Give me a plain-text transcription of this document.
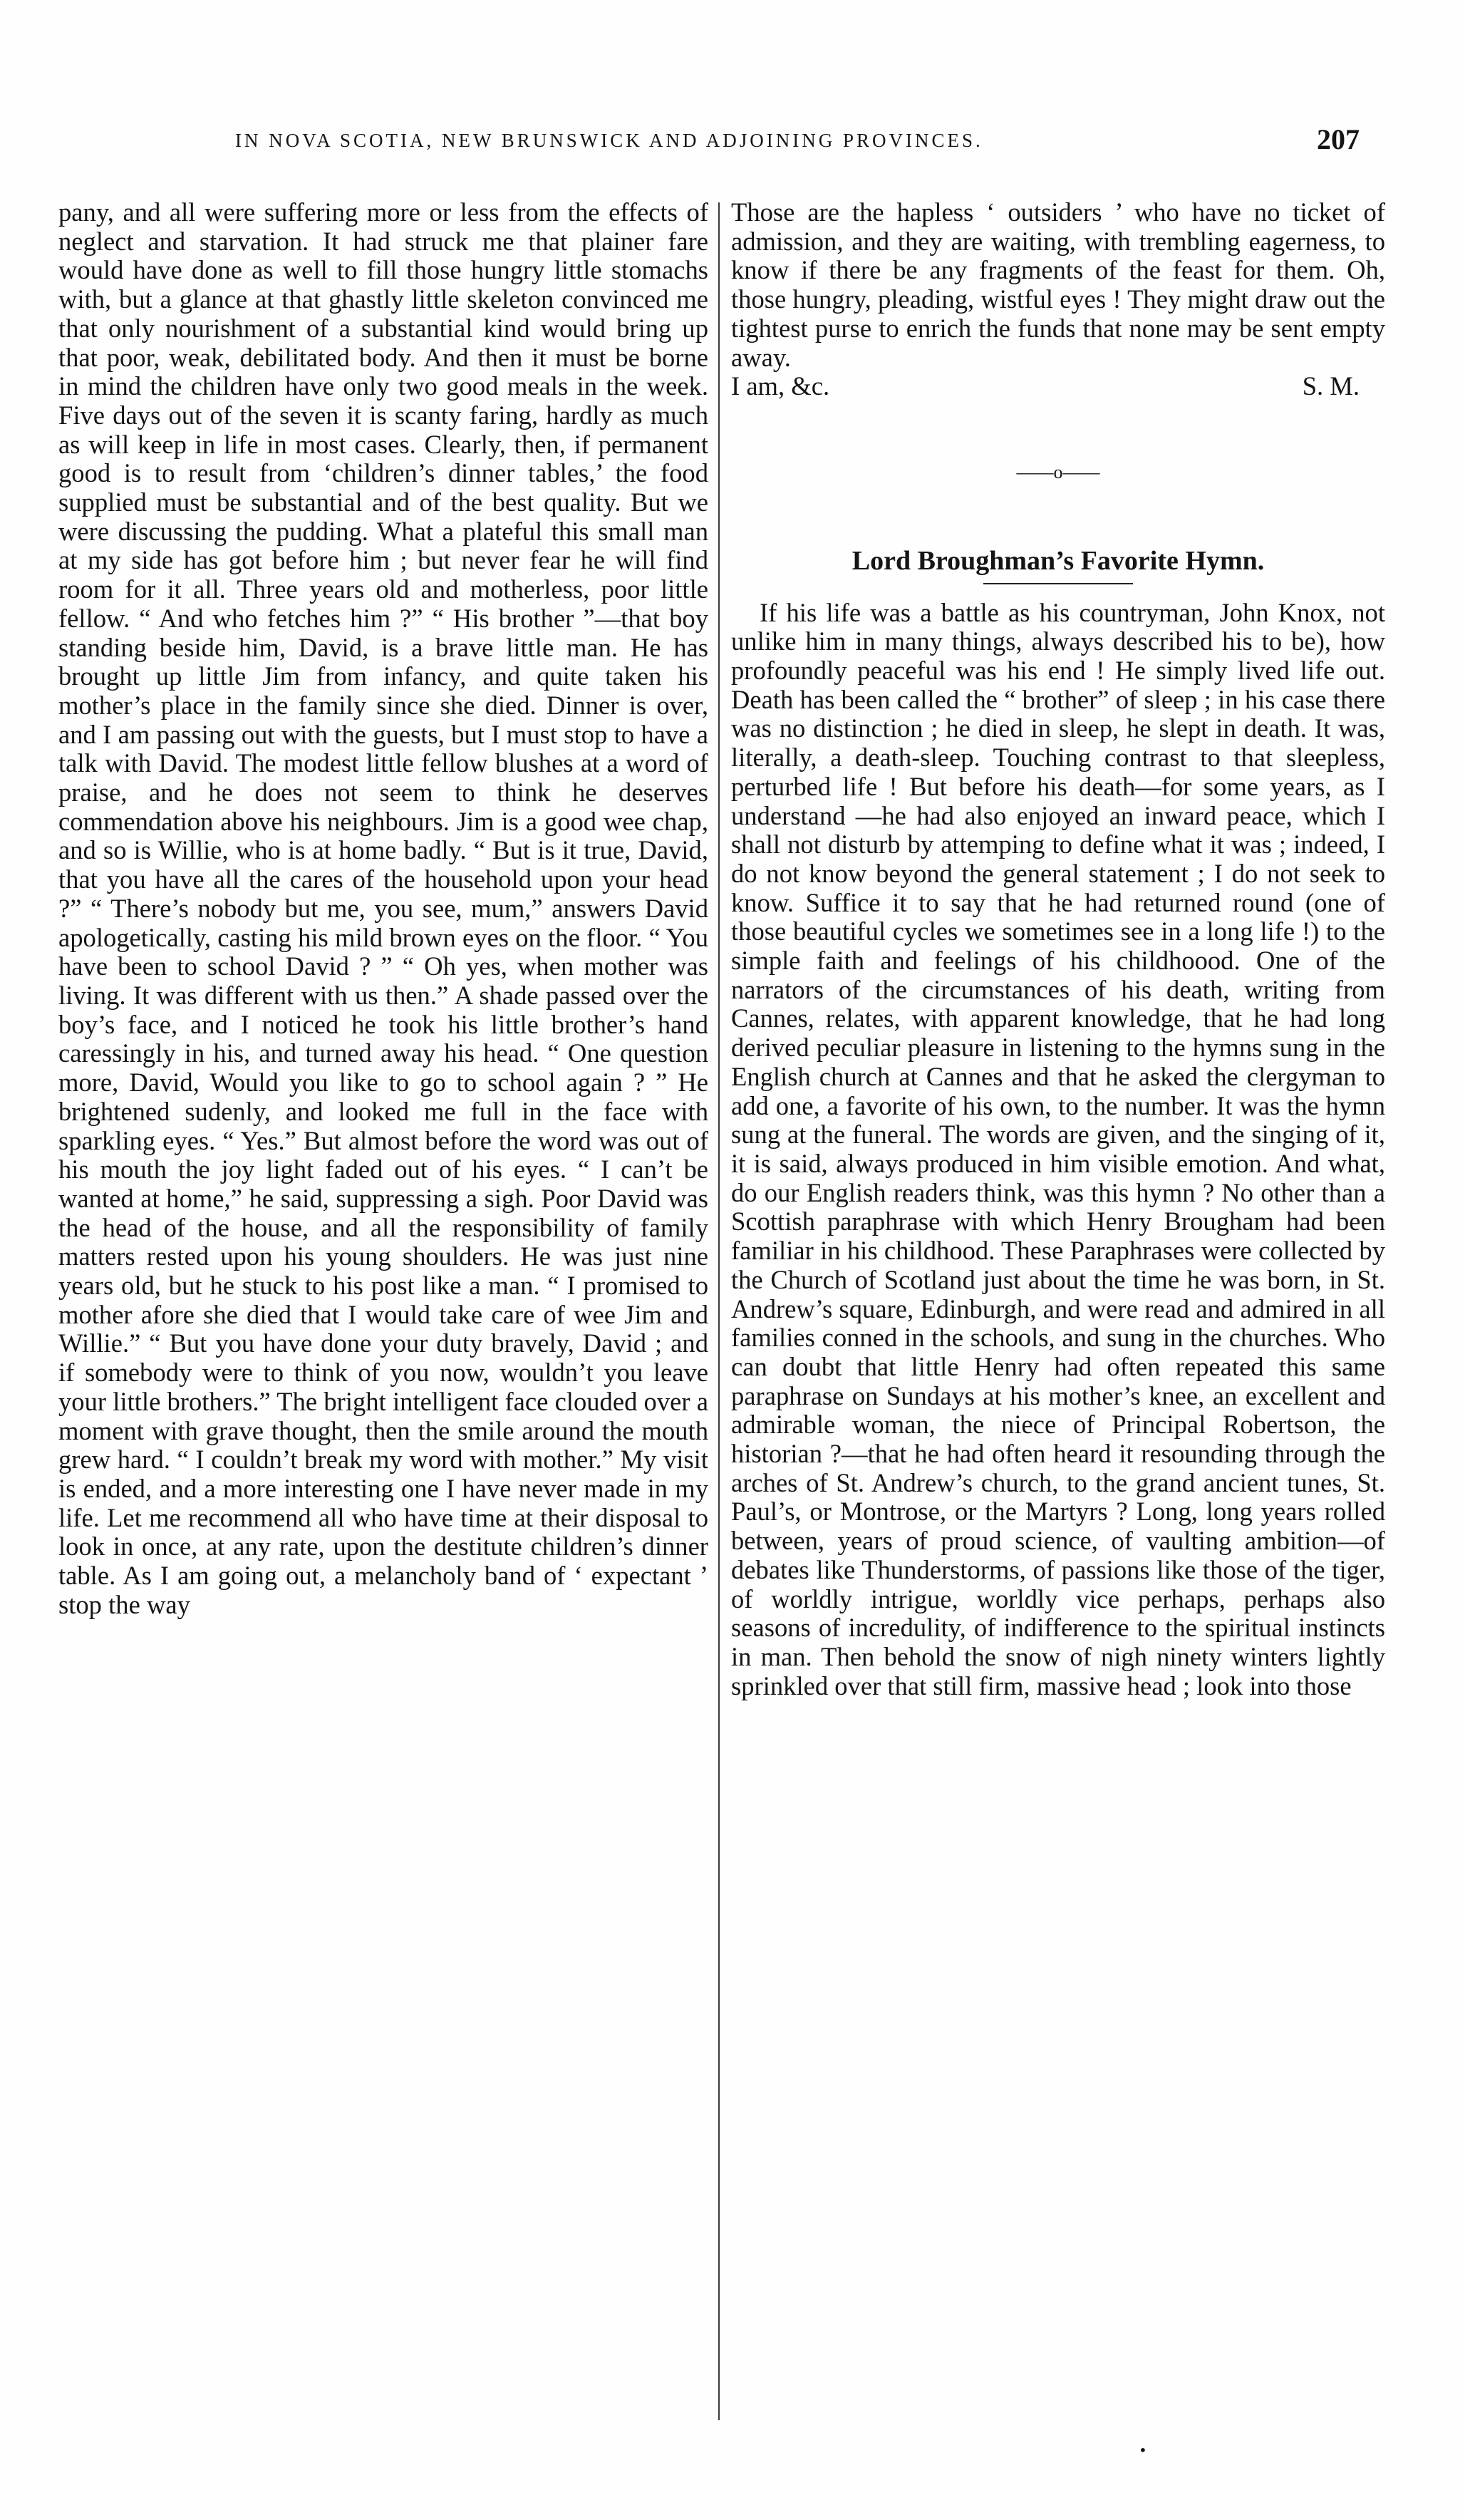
IN NOVA SCOTIA, NEW BRUNSWICK AND ADJOINING PROVINCES.	207

pany, and all were suffering more or less from the effects of neglect and starvation. It had struck me that plainer fare would have done as well to fill those hungry little stomachs with, but a glance at that ghastly little skeleton convinced me that only nourishment of a substantial kind would bring up that poor, weak, debilitated body. And then it must be borne in mind the children have only two good meals in the week. Five days out of the seven it is scanty faring, hardly as much as will keep in life in most cases. Clearly, then, if permanent good is to result from ‘children’s dinner tables,’ the food supplied must be substantial and of the best quality. But we were discussing the pudding. What a plateful this small man at my side has got before him ; but never fear he will find room for it all. Three years old and motherless, poor little fellow. “ And who fetches him ?” “ His brother ”—that boy standing beside him, David, is a brave little man. He has brought up little Jim from infancy, and quite taken his mother’s place in the family since she died. Dinner is over, and I am passing out with the guests, but I must stop to have a talk with David. The modest little fellow blushes at a word of praise, and he does not seem to think he deserves commendation above his neighbours. Jim is a good wee chap, and so is Willie, who is at home badly. “ But is it true, David, that you have all the cares of the household upon your head ?” “ There’s nobody but me, you see, mum,” answers David apologetically, casting his mild brown eyes on the floor. “ You have been to school David ? ” “ Oh yes, when mother was living. It was different with us then.” A shade passed over the boy’s face, and I noticed he took his little brother’s hand caressingly in his, and turned away his head. “ One question more, David, Would you like to go to school again ? ” He brightened sudenly, and looked me full in the face with sparkling eyes. “ Yes.” But almost before the word was out of his mouth the joy light faded out of his eyes. “ I can’t be wanted at home,” he said, suppressing a sigh. Poor David was the head of the house, and all the responsibility of family matters rested upon his young shoulders. He was just nine years old, but he stuck to his post like a man. “ I promised to mother afore she died that I would take care of wee Jim and Willie.” “ But you have done your duty bravely, David ; and if somebody were to think of you now, wouldn’t you leave your little brothers.” The bright intelligent face clouded over a moment with grave thought, then the smile around the mouth grew hard. “ I couldn’t break my word with mother.” My visit is ended, and a more interesting one I have never made in my life. Let me recommend all who have time at their disposal to look in once, at any rate, upon the destitute children’s dinner table. As I am going out, a melancholy band of ‘ expectant ’ stop the way

Those are the hapless ‘ outsiders ’ who have no ticket of admission, and they are waiting, with trembling eagerness, to know if there be any fragments of the feast for them. Oh, those hungry, pleading, wistful eyes ! They might draw out the tightest purse to enrich the funds that none may be sent empty away.

I am, &c.	S. M.
——o——
Lord Broughman’s Favorite Hymn.

If his life was a battle as his countryman, John Knox, not unlike him in many things, always described his to be), how profoundly peaceful was his end ! He simply lived life out. Death has been called the “ brother” of sleep ; in his case there was no distinction ; he died in sleep, he slept in death. It was, literally, a death-sleep. Touching contrast to that sleepless, perturbed life ! But before his death—for some years, as I understand —he had also enjoyed an inward peace, which I shall not disturb by attemping to define what it was ; indeed, I do not know beyond the general statement ; I do not seek to know. Suffice it to say that he had returned round (one of those beautiful cycles we sometimes see in a long life !) to the simple faith and feelings of his childhoood. One of the narrators of the circumstances of his death, writing from Cannes, relates, with apparent knowledge, that he had long derived peculiar pleasure in listening to the hymns sung in the English church at Cannes and that he asked the clergyman to add one, a favorite of his own, to the number. It was the hymn sung at the funeral. The words are given, and the singing of it, it is said, always produced in him visible emotion. And what, do our English readers think, was this hymn ? No other than a Scottish paraphrase with which Henry Brougham had been familiar in his childhood. These Paraphrases were collected by the Church of Scotland just about the time he was born, in St. Andrew’s square, Edinburgh, and were read and admired in all families conned in the schools, and sung in the churches. Who can doubt that little Henry had often repeated this same paraphrase on Sundays at his mother’s knee, an excellent and admirable woman, the niece of Principal Robertson, the historian ?—that he had often heard it resounding through the arches of St. Andrew’s church, to the grand ancient tunes, St. Paul’s, or Montrose, or the Martyrs ? Long, long years rolled between, years of proud science, of vaulting ambition—of debates like Thunderstorms, of passions like those of the tiger, of worldly intrigue, worldly vice perhaps, perhaps also seasons of incredulity, of indifference to the spiritual instincts in man. Then behold the snow of nigh ninety winters lightly sprinkled over that still firm, massive head ; look into those

•
